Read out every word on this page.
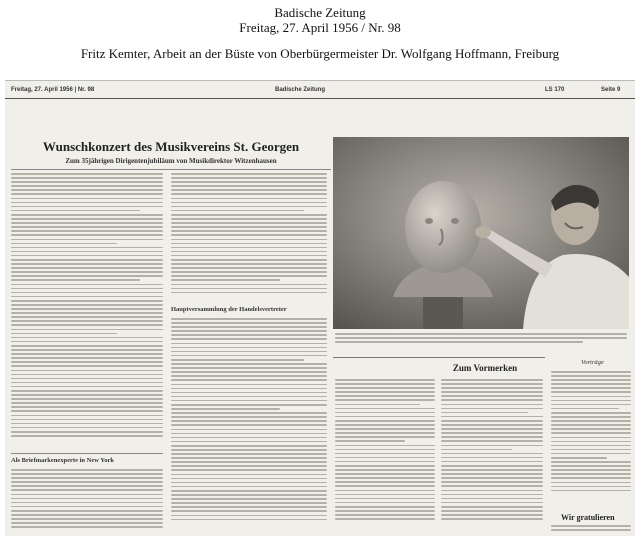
Badische Zeitung
Freitag, 27. April 1956 / Nr. 98
Fritz Kemter, Arbeit an der Büste von Oberbürgermeister Dr. Wolfgang Hoffmann, Freiburg
Freitag, 27. April 1956 | Nr. 98	Badische Zeitung	LS 170	Seite 9
Wunschkonzert des Musikvereins St. Georgen
Zum 35jährigen Dirigentenjubiläum von Musikdirektor Witzenhausen
Als Briefmarkenexperte in New York
Hauptversammlung der Handelsvertreter
Zum Vormerken
Vorträge
Wir gratulieren
